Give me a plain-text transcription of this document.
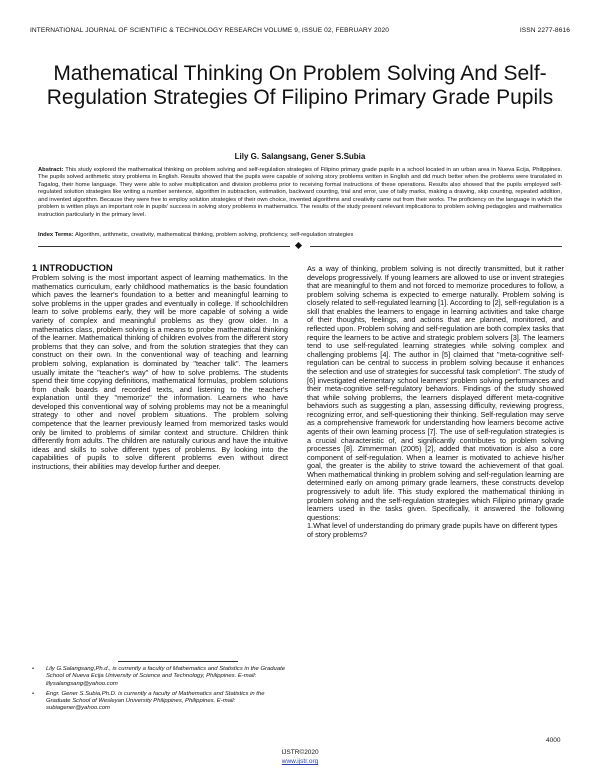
INTERNATIONAL JOURNAL OF SCIENTIFIC & TECHNOLOGY RESEARCH VOLUME 9, ISSUE 02, FEBRUARY 2020	ISSN 2277-8616
Mathematical Thinking On Problem Solving And Self-Regulation Strategies Of Filipino Primary Grade Pupils
Lily G. Salangsang, Gener S.Subia
Abstract: This study explored the mathematical thinking on problem solving and self-regulation strategies of Filipino primary grade pupils in a school located in an urban area in Nueva Ecija, Philippines. The pupils solved arithmetic story problems in English. Results showed that the pupils were capable of solving story problems written in English and did much better when the problems were translated in Tagalog, their home language. They were able to solve multiplication and division problems prior to receiving formal instructions of these operations. Results also showed that the pupils employed self-regulated solution strategies like writing a number sentence, algorithm in subtraction, estimation, backward counting, trial and error, use of tally marks, making a drawing, skip counting, repeated addition, and invented algorithm. Because they were free to employ solution strategies of their own choice, invented algorithms and creativity came out from their works. The proficiency on the language in which the problem is written plays an important role in pupils' success in solving story problems in mathematics. The results of the study present relevant implications to problem solving pedagogies and mathematics instruction particularly in the primary level.
Index Terms: Algorithm, arithmetic, creativity, mathematical thinking, problem solving, proficiency, self-regulation strategies
1 INTRODUCTION
Problem solving is the most important aspect of learning mathematics. In the mathematics curriculum, early childhood mathematics is the basic foundation which paves the learner's foundation to a better and meaningful learning to solve problems in the upper grades and eventually in college. If schoolchildren learn to solve problems early, they will be more capable of solving a wide variety of complex and meaningful problems as they grow older. In a mathematics class, problem solving is a means to probe mathematical thinking of the learner. Mathematical thinking of children evolves from the different story problems that they can solve, and from the solution strategies that they can construct on their own. In the conventional way of teaching and learning problem solving, explanation is dominated by "teacher talk". The learners usually imitate the "teacher's way" of how to solve problems. The students spend their time copying definitions, mathematical formulas, problem solutions from chalk boards and recorded texts, and listening to the teacher's explanation until they "memorize" the information. Learners who have developed this conventional way of solving problems may not be a meaningful strategy to other and novel problem situations. The problem solving competence that the learner previously learned from memorized tasks would only be limited to problems of similar context and structure. Children think differently from adults. The children are naturally curious and have the intuitive ideas and skills to solve different types of problems. By looking into the capabilities of pupils to solve different problems even without direct instructions, their abilities may develop further and deeper.
As a way of thinking, problem solving is not directly transmitted, but it rather develops progressively. If young learners are allowed to use or invent strategies that are meaningful to them and not forced to memorize procedures to follow, a problem solving schema is expected to emerge naturally. Problem solving is closely related to self-regulated learning [1]. According to [2], self-regulation is a skill that enables the learners to engage in learning activities and take charge of their thoughts, feelings, and actions that are planned, monitored, and reflected upon. Problem solving and self-regulation are both complex tasks that require the learners to be active and strategic problem solvers [3]. The learners tend to use self-regulated learning strategies while solving complex and challenging problems [4]. The author in [5] claimed that "meta-cognitive self-regulation can be central to success in problem solving because it enhances the selection and use of strategies for successful task completion". The study of [6] investigated elementary school learners' problem solving performances and their meta-cognitive self-regulatory behaviors. Findings of the study showed that while solving problems, the learners displayed different meta-cognitive behaviors such as suggesting a plan, assessing difficulty, reviewing progress, recognizing error, and self-questioning their thinking. Self-regulation may serve as a comprehensive framework for understanding how learners become active agents of their own learning process [7]. The use of self-regulation strategies is a crucial characteristic of, and significantly contributes to problem solving processes [8]. Zimmerman (2005) [2], added that motivation is also a core component of self-regulation. When a learner is motivated to achieve his/her goal, the greater is the ability to strive toward the achievement of that goal. When mathematical thinking in problem solving and self-regulation learning are determined early on among primary grade learners, these constructs develop progressively to adult life. This study explored the mathematical thinking in problem solving and the self-regulation strategies which Filipino primary grade learners used in the tasks given. Specifically, it answered the following questions:
1.What level of understanding do primary grade pupils have on different types of story problems?
•	Lily G.Salangsang,Ph.d., is currently a faculty of Mathematics and Statistics in the Graduate School of Nueva Ecija University of Science and Technology, Philippines. E-mail: lilysalangsang@yahoo.com
•	Engr. Gener S.Subia,Ph.D. is currently a faculty of Mathematics and Statistics in the Graduate School of Wesleyan University Philippines, Philippines. E-mail: subiagener@yahoo.com
4000
IJSTR©2020
www.ijstr.org
